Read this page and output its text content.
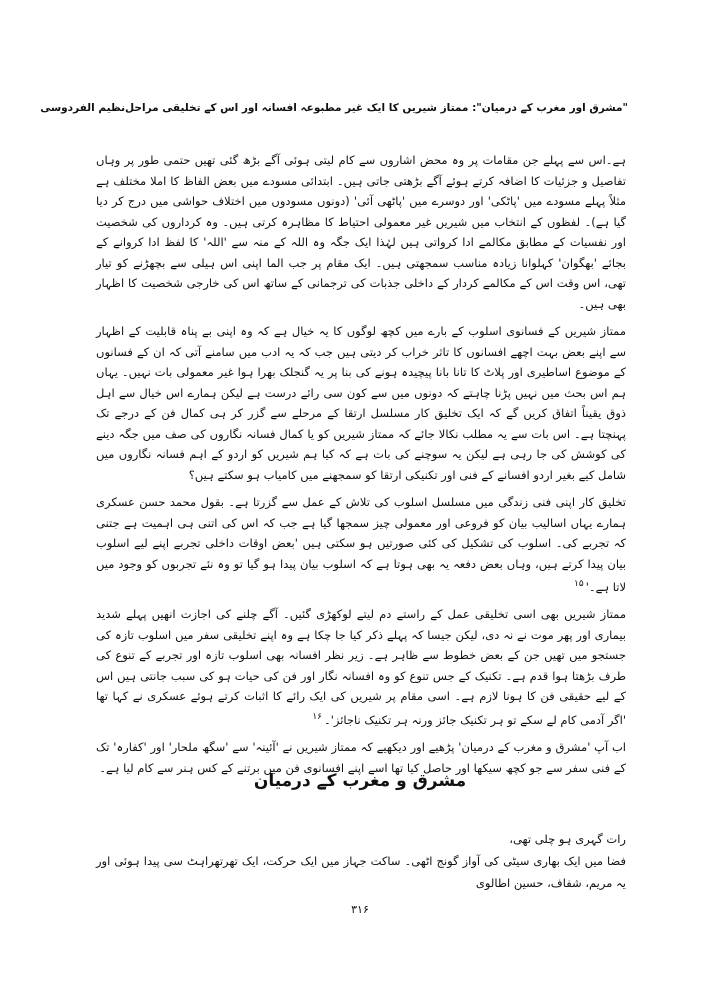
"مشرق اور مغرب کے درمیان": ممتاز شیریں کا ایک غیر مطبوعہ افسانہ اور اس کے تخلیقی مراحل
نظیم الفردوسی

ہے۔اس سے پہلے جن مقامات پر وہ محض اشاروں سے کام لیتی ہوئی آگے بڑھ گئی تھیں حتمی طور پر وہاں تفاصیل و جزئیات کا اضافہ کرتے ہوئے آگے بڑھتی جاتی ہیں۔ ابتدائی مسودے میں بعض الفاظ کا املا مختلف ہے مثلاً پہلے مسودے میں 'پاٹکی' اور دوسرے میں 'پاٹھی آئی' (دونوں مسودوں میں اختلاف حواشی میں درج کر دیا گیا ہے)۔ لفظوں کے انتخاب میں شیریں غیر معمولی احتیاط کا مظاہرہ کرتی ہیں۔ وہ کرداروں کی شخصیت اور نفسیات کے مطابق مکالمے ادا کرواتی ہیں لہٰذا ایک جگہ وہ اللہ کے منہ سے 'اللہ' کا لفظ ادا کروانے کے بجائے 'بھگوان' کہلوانا زیادہ مناسب سمجھتی ہیں۔ ایک مقام پر جب الما اپنی اس ہیلی سے بچھڑنے کو تیار تھی، اس وقت اس کے مکالمے کردار کے داخلی جذبات کی ترجمانی کے ساتھ اس کی خارجی شخصیت کا اظہار بھی ہیں۔

ممتاز شیریں کے فسانوی اسلوب کے بارے میں کچھ لوگوں کا یہ خیال ہے کہ وہ اپنی بے پناہ قابلیت کے اظہار سے اپنے بعض بہت اچھے افسانوں کا تاثر خراب کر دیتی ہیں جب کہ یہ ادب میں سامنے آتی کہ ان کے فسانوں کے موضوع اساطیری اور پلاٹ کا تانا بانا پیچیدہ ہونے کی بنا پر یہ گنجلک بھرا ہوا غیر معمولی بات نہیں۔ یہاں ہم اس بحث میں نہیں پڑنا چاہتے کہ دونوں میں سے کون سی رائے درست ہے لیکن ہمارے اس خیال سے اہل ذوق یقیناً اتفاق کریں گے کہ ایک تخلیق کار مسلسل ارتقا کے مرحلے سے گزر کر ہی کمال فن کے درجے تک پہنچتا ہے۔ اس بات سے یہ مطلب نکالا جائے کہ ممتاز شیریں کو یا کمال فسانہ نگاروں کی صف میں جگہ دینے کی کوشش کی جا رہی ہے لیکن یہ سوچنے کی بات ہے کہ کیا ہم شیریں کو اردو کے اہم فسانہ نگاروں میں شامل کیے بغیر اردو افسانے کے فنی اور تکنیکی ارتقا کو سمجھنے میں کامیاب ہو سکتے ہیں؟

تخلیق کار اپنی فنی زندگی میں مسلسل اسلوب کی تلاش کے عمل سے گزرتا ہے۔ بقول محمد حسن عسکری ہمارے یہاں اسالیب بیان کو فروعی اور معمولی چیز سمجھا گیا ہے جب کہ اس کی اتنی ہی اہمیت ہے جتنی کہ تجربے کی۔ اسلوب کی تشکیل کی کئی صورتیں ہو سکتی ہیں 'بعض اوقات داخلی تجربے اپنے لیے اسلوب بیان پیدا کرتے ہیں، وہاں بعض دفعہ یہ بھی ہوتا ہے کہ اسلوب بیان پیدا ہو گیا تو وہ نئے تجربوں کو وجود میں لاتا ہے۔'$^{۱۵}$

ممتاز شیریں بھی اسی تخلیقی عمل کے راستے دم لیتے لوکھڑی گئیں۔ آگے چلنے کی اجازت انھیں پہلے شدید بیماری اور پھر موت نے نہ دی، لیکن جیسا کہ پہلے ذکر کیا جا چکا ہے وہ اپنے تخلیقی سفر میں اسلوب تازہ کی جستجو میں تھیں جن کے بعض خطوط سے ظاہر ہے۔ زیر نظر افسانہ بھی اسلوب تازہ اور تجربے کے تنوع کی طرف بڑھتا ہوا قدم ہے۔ تکنیک کے جس تنوع کو وہ افسانہ نگار اور فن کی حیات ہو کی سبب جانتی ہیں اس کے لیے حقیقی فن کا ہونا لازم ہے۔ اسی مقام پر شیریں کی ایک رائے کا اثبات کرتے ہوئے عسکری نے کہا تھا 'اگر آدمی کام لے سکے تو ہر تکنیک جائز ورنہ ہر تکنیک ناجائز'۔$^{۱۶}$

اب آپ 'مشرق و مغرب کے درمیان' پڑھیے اور دیکھیے کہ ممتاز شیریں نے 'آئینہ' سے 'سگھ ملحار' اور 'کفارہ' تک کے فنی سفر سے جو کچھ سیکھا اور حاصل کیا تھا اسے اپنے افسانوی فن میں برتنے کے کس ہنر سے کام لیا ہے۔

مشرق و مغرب کے درمیان

رات گہری ہو چلی تھی،

فضا میں ایک بھاری سیٹی کی آواز گونج اٹھی۔ ساکت جہاز میں ایک حرکت، ایک تھرتھراہٹ سی پیدا ہوئی اور یہ مریم، شفاف، حسین اطالوی

۳۱۶
